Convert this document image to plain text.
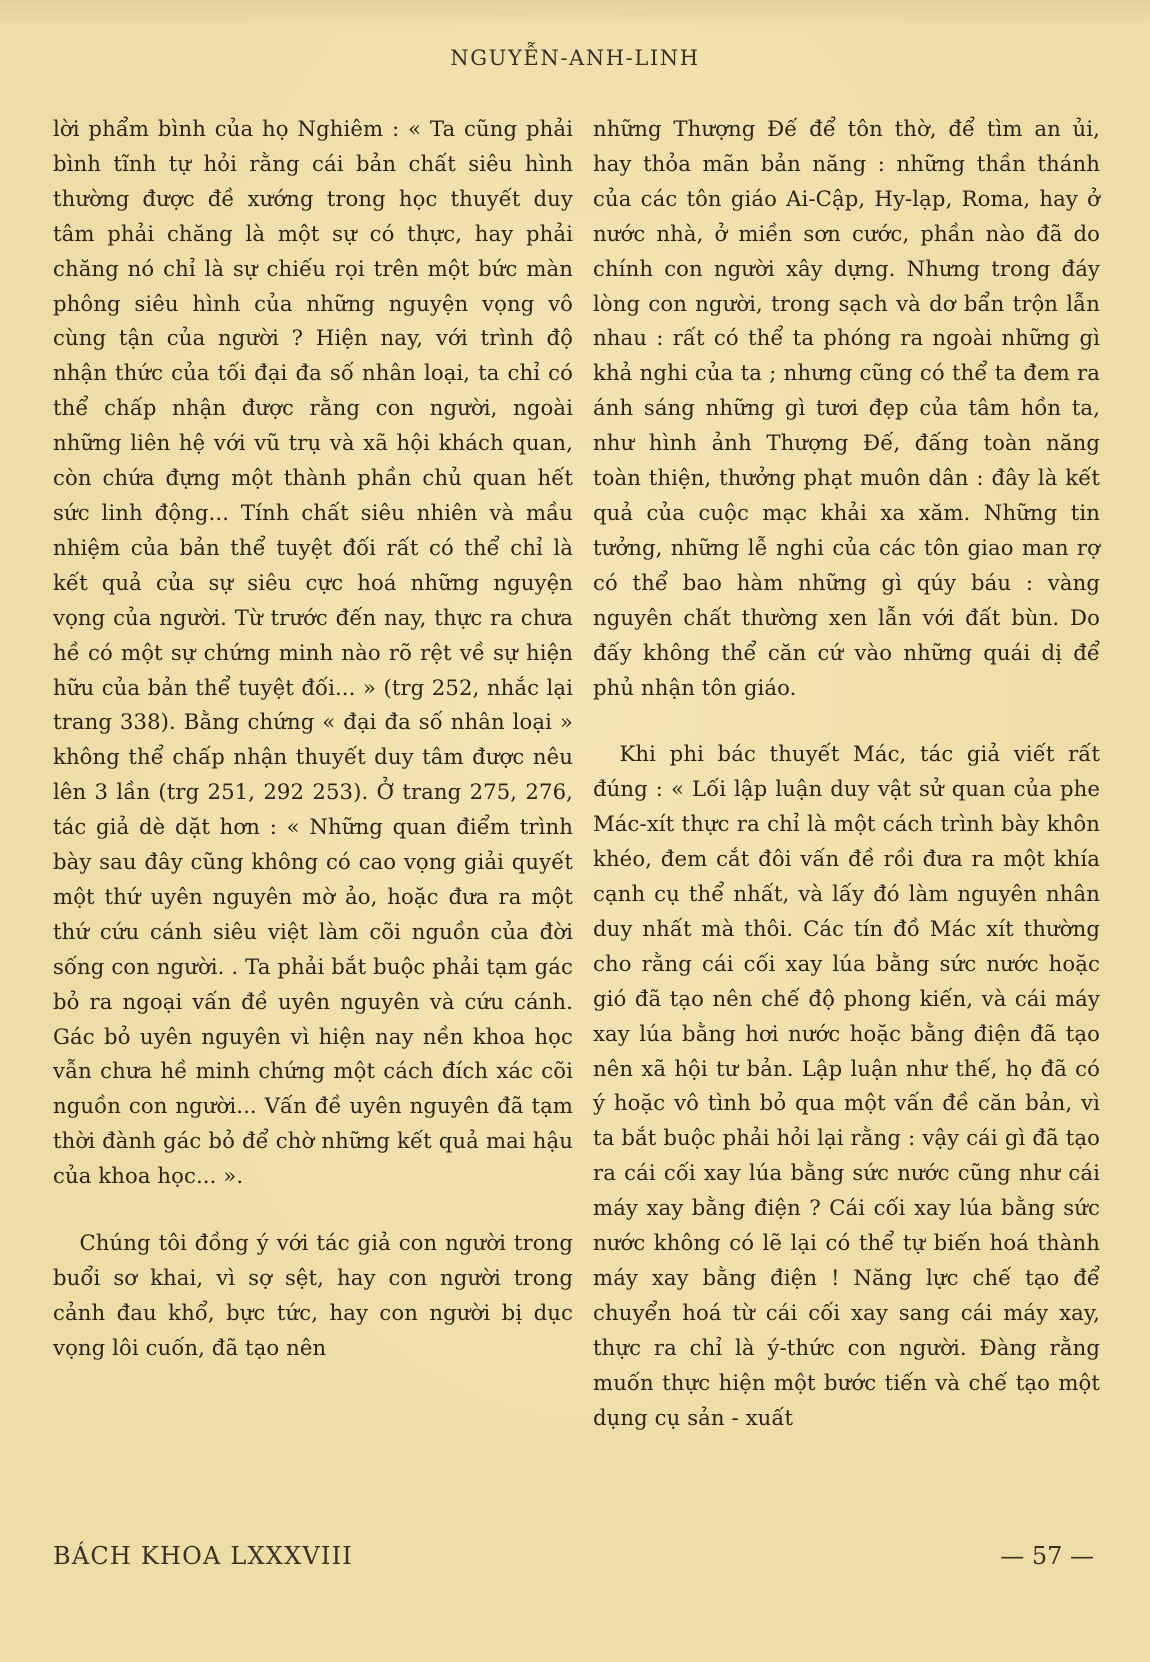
NGUYỄN-ANH-LINH

lời phẩm bình của họ Nghiêm : « Ta cũng phải bình tĩnh tự hỏi rằng cái bản chất siêu hình thường được đề xướng trong học thuyết duy tâm phải chăng là một sự có thực, hay phải chăng nó chỉ là sự chiếu rọi trên một bức màn phông siêu hình của những nguyện vọng vô cùng tận của người ? Hiện nay, với trình độ nhận thức của tối đại đa số nhân loại, ta chỉ có thể chấp nhận được rằng con người, ngoài những liên hệ với vũ trụ và xã hội khách quan, còn chứa đựng một thành phần chủ quan hết sức linh động... Tính chất siêu nhiên và mầu nhiệm của bản thể tuyệt đối rất có thể chỉ là kết quả của sự siêu cực hoá những nguyện vọng của người. Từ trước đến nay, thực ra chưa hề có một sự chứng minh nào rõ rệt về sự hiện hữu của bản thể tuyệt đối... » (trg 252, nhắc lại trang 338). Bằng chứng « đại đa số nhân loại » không thể chấp nhận thuyết duy tâm được nêu lên 3 lần (trg 251, 292 253). Ở trang 275, 276, tác giả dè dặt hơn : « Những quan điểm trình bày sau đây cũng không có cao vọng giải quyết một thứ uyên nguyên mờ ảo, hoặc đưa ra một thứ cứu cánh siêu việt làm cõi nguồn của đời sống con người. . Ta phải bắt buộc phải tạm gác bỏ ra ngoại vấn đề uyên nguyên và cứu cánh. Gác bỏ uyên nguyên vì hiện nay nền khoa học vẫn chưa hề minh chứng một cách đích xác cõi nguồn con người... Vấn đề uyên nguyên đã tạm thời đành gác bỏ để chờ những kết quả mai hậu của khoa học... ».

Chúng tôi đồng ý với tác giả con người trong buổi sơ khai, vì sợ sệt, hay con người trong cảnh đau khổ, bực tức, hay con người bị dục vọng lôi cuốn, đã tạo nên

những Thượng Đế để tôn thờ, để tìm an ủi, hay thỏa mãn bản năng : những thần thánh của các tôn giáo Ai-Cập, Hy-lạp, Roma, hay ở nước nhà, ở miền sơn cước, phần nào đã do chính con người xây dựng. Nhưng trong đáy lòng con người, trong sạch và dơ bẩn trộn lẫn nhau : rất có thể ta phóng ra ngoài những gì khả nghi của ta ; nhưng cũng có thể ta đem ra ánh sáng những gì tươi đẹp của tâm hồn ta, như hình ảnh Thượng Đế, đấng toàn năng toàn thiện, thưởng phạt muôn dân : đây là kết quả của cuộc mạc khải xa xăm. Những tin tưởng, những lễ nghi của các tôn giao man rợ có thể bao hàm những gì qúy báu : vàng nguyên chất thường xen lẫn với đất bùn. Do đấy không thể căn cứ vào những quái dị để phủ nhận tôn giáo.

Khi phi bác thuyết Mác, tác giả viết rất đúng : « Lối lập luận duy vật sử quan của phe Mác-xít thực ra chỉ là một cách trình bày khôn khéo, đem cắt đôi vấn đề rồi đưa ra một khía cạnh cụ thể nhất, và lấy đó làm nguyên nhân duy nhất mà thôi. Các tín đồ Mác xít thường cho rằng cái cối xay lúa bằng sức nước hoặc gió đã tạo nên chế độ phong kiến, và cái máy xay lúa bằng hơi nước hoặc bằng điện đã tạo nên xã hội tư bản. Lập luận như thế, họ đã có ý hoặc vô tình bỏ qua một vấn đề căn bản, vì ta bắt buộc phải hỏi lại rằng : vậy cái gì đã tạo ra cái cối xay lúa bằng sức nước cũng như cái máy xay bằng điện ? Cái cối xay lúa bằng sức nước không có lẽ lại có thể tự biến hoá thành máy xay bằng điện ! Năng lực chế tạo để chuyển hoá từ cái cối xay sang cái máy xay, thực ra chỉ là ý-thức con người. Đàng rằng muốn thực hiện một bước tiến và chế tạo một dụng cụ sản - xuất

BÁCH KHOA LXXXVIII	— 57 —
